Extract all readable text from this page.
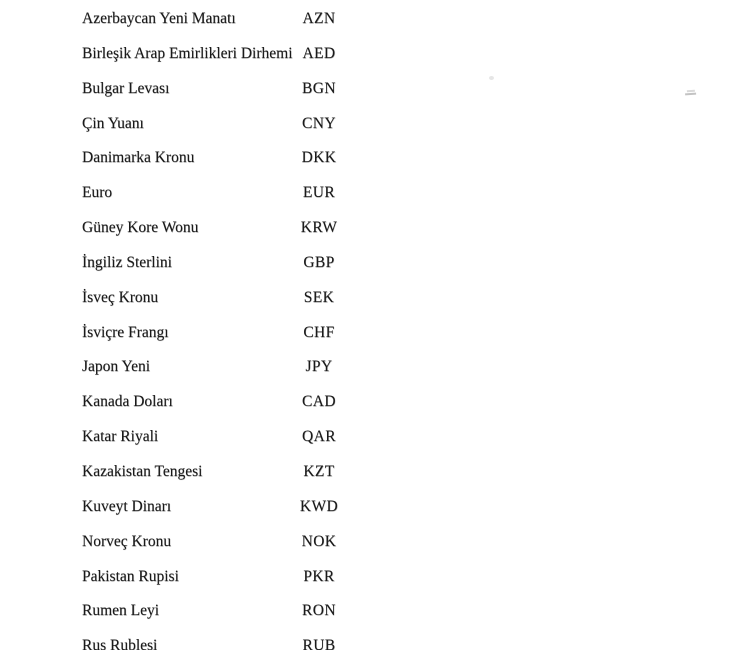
Azerbaycan Yeni Manatı	AZN
Birleşik Arap Emirlikleri Dirhemi AED
Bulgar Levası	BGN
Çin Yuanı	CNY
Danimarka Kronu	DKK
Euro	EUR
Güney Kore Wonu	KRW
İngiliz Sterlini	GBP
İsveç Kronu	SEK
İsviçre Frangı	CHF
Japon Yeni	JPY
Kanada Doları	CAD
Katar Riyali	QAR
Kazakistan Tengesi	KZT
Kuveyt Dinarı	KWD
Norveç Kronu	NOK
Pakistan Rupisi	PKR
Rumen Leyi	RON
Rus Rublesi	RUB
